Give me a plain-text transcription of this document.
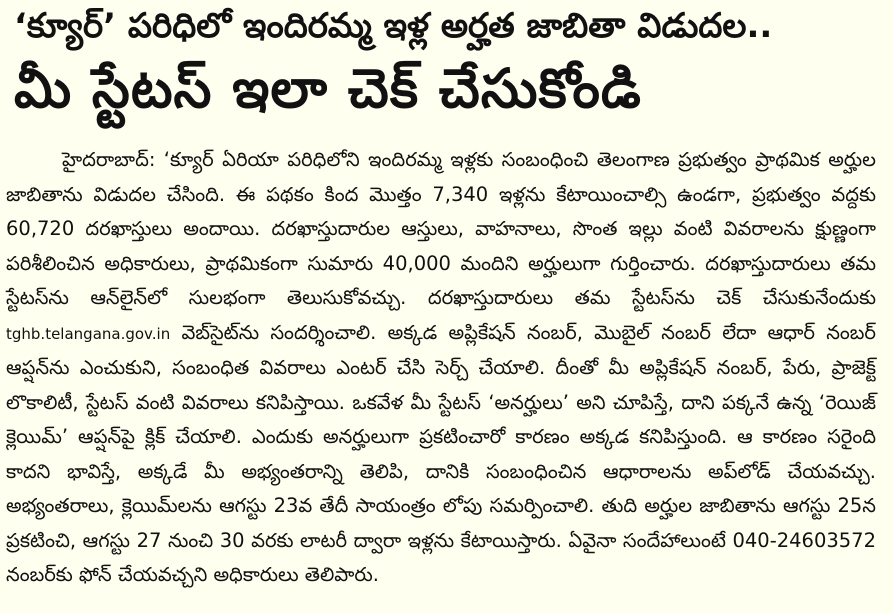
‘క్యూర్’ పరిధిలో ఇందిరమ్మ ఇళ్ల అర్హత జాబితా విడుదల..
మీ స్టేటస్ ఇలా చెక్ చేసుకోండి

హైదరాబాద్: ‘క్యూర్ ఏరియా పరిధిలోని ఇందిరమ్మ ఇళ్లకు సంబంధించి తెలంగాణ ప్రభుత్వం ప్రాథమిక అర్హుల జాబితాను విడుదల చేసింది. ఈ పథకం కింద మొత్తం 7,340 ఇళ్లను కేటాయించాల్సి ఉండగా, ప్రభుత్వం వద్దకు 60,720 దరఖాస్తులు అందాయి. దరఖాస్తుదారుల ఆస్తులు, వాహనాలు, సొంత ఇల్లు వంటి వివరాలను క్షుణ్ణంగా పరిశీలించిన అధికారులు, ప్రాథమికంగా సుమారు 40,000 మందిని అర్హులుగా గుర్తించారు. దరఖాస్తుదారులు తమ స్టేటస్‌ను ఆన్‌లైన్‌లో సులభంగా తెలుసుకోవచ్చు. దరఖాస్తుదారులు తమ స్టేటస్‌ను చెక్ చేసుకునేందుకు tghb.telangana.gov.in వెబ్‌సైట్‌ను సందర్శించాలి. అక్కడ అప్లికేషన్ నంబర్, మొబైల్ నంబర్ లేదా ఆధార్ నంబర్ ఆప్షన్‌ను ఎంచుకుని, సంబంధిత వివరాలు ఎంటర్ చేసి సెర్చ్ చేయాలి. దీంతో మీ అప్లికేషన్ నంబర్, పేరు, ప్రాజెక్ట్ లొకాలిటీ, స్టేటస్ వంటి వివరాలు కనిపిస్తాయి. ఒకవేళ మీ స్టేటస్ ‘అనర్హులు’ అని చూపిస్తే, దాని పక్కనే ఉన్న ‘రెయిజ్ క్లెయిమ్’ ఆప్షన్‌పై క్లిక్ చేయాలి. ఎందుకు అనర్హులుగా ప్రకటించారో కారణం అక్కడ కనిపిస్తుంది. ఆ కారణం సరైంది కాదని భావిస్తే, అక్కడే మీ అభ్యంతరాన్ని తెలిపి, దానికి సంబంధించిన ఆధారాలను అప్‌లోడ్ చేయవచ్చు. అభ్యంతరాలు, క్లెయిమ్‌లను ఆగస్టు 23వ తేదీ సాయంత్రం లోపు సమర్పించాలి. తుది అర్హుల జాబితాను ఆగస్టు 25న ప్రకటించి, ఆగస్టు 27 నుంచి 30 వరకు లాటరీ ద్వారా ఇళ్లను కేటాయిస్తారు. ఏవైనా సందేహాలుంటే 040-24603572 నంబర్‌కు ఫోన్ చేయవచ్చని అధికారులు తెలిపారు.
